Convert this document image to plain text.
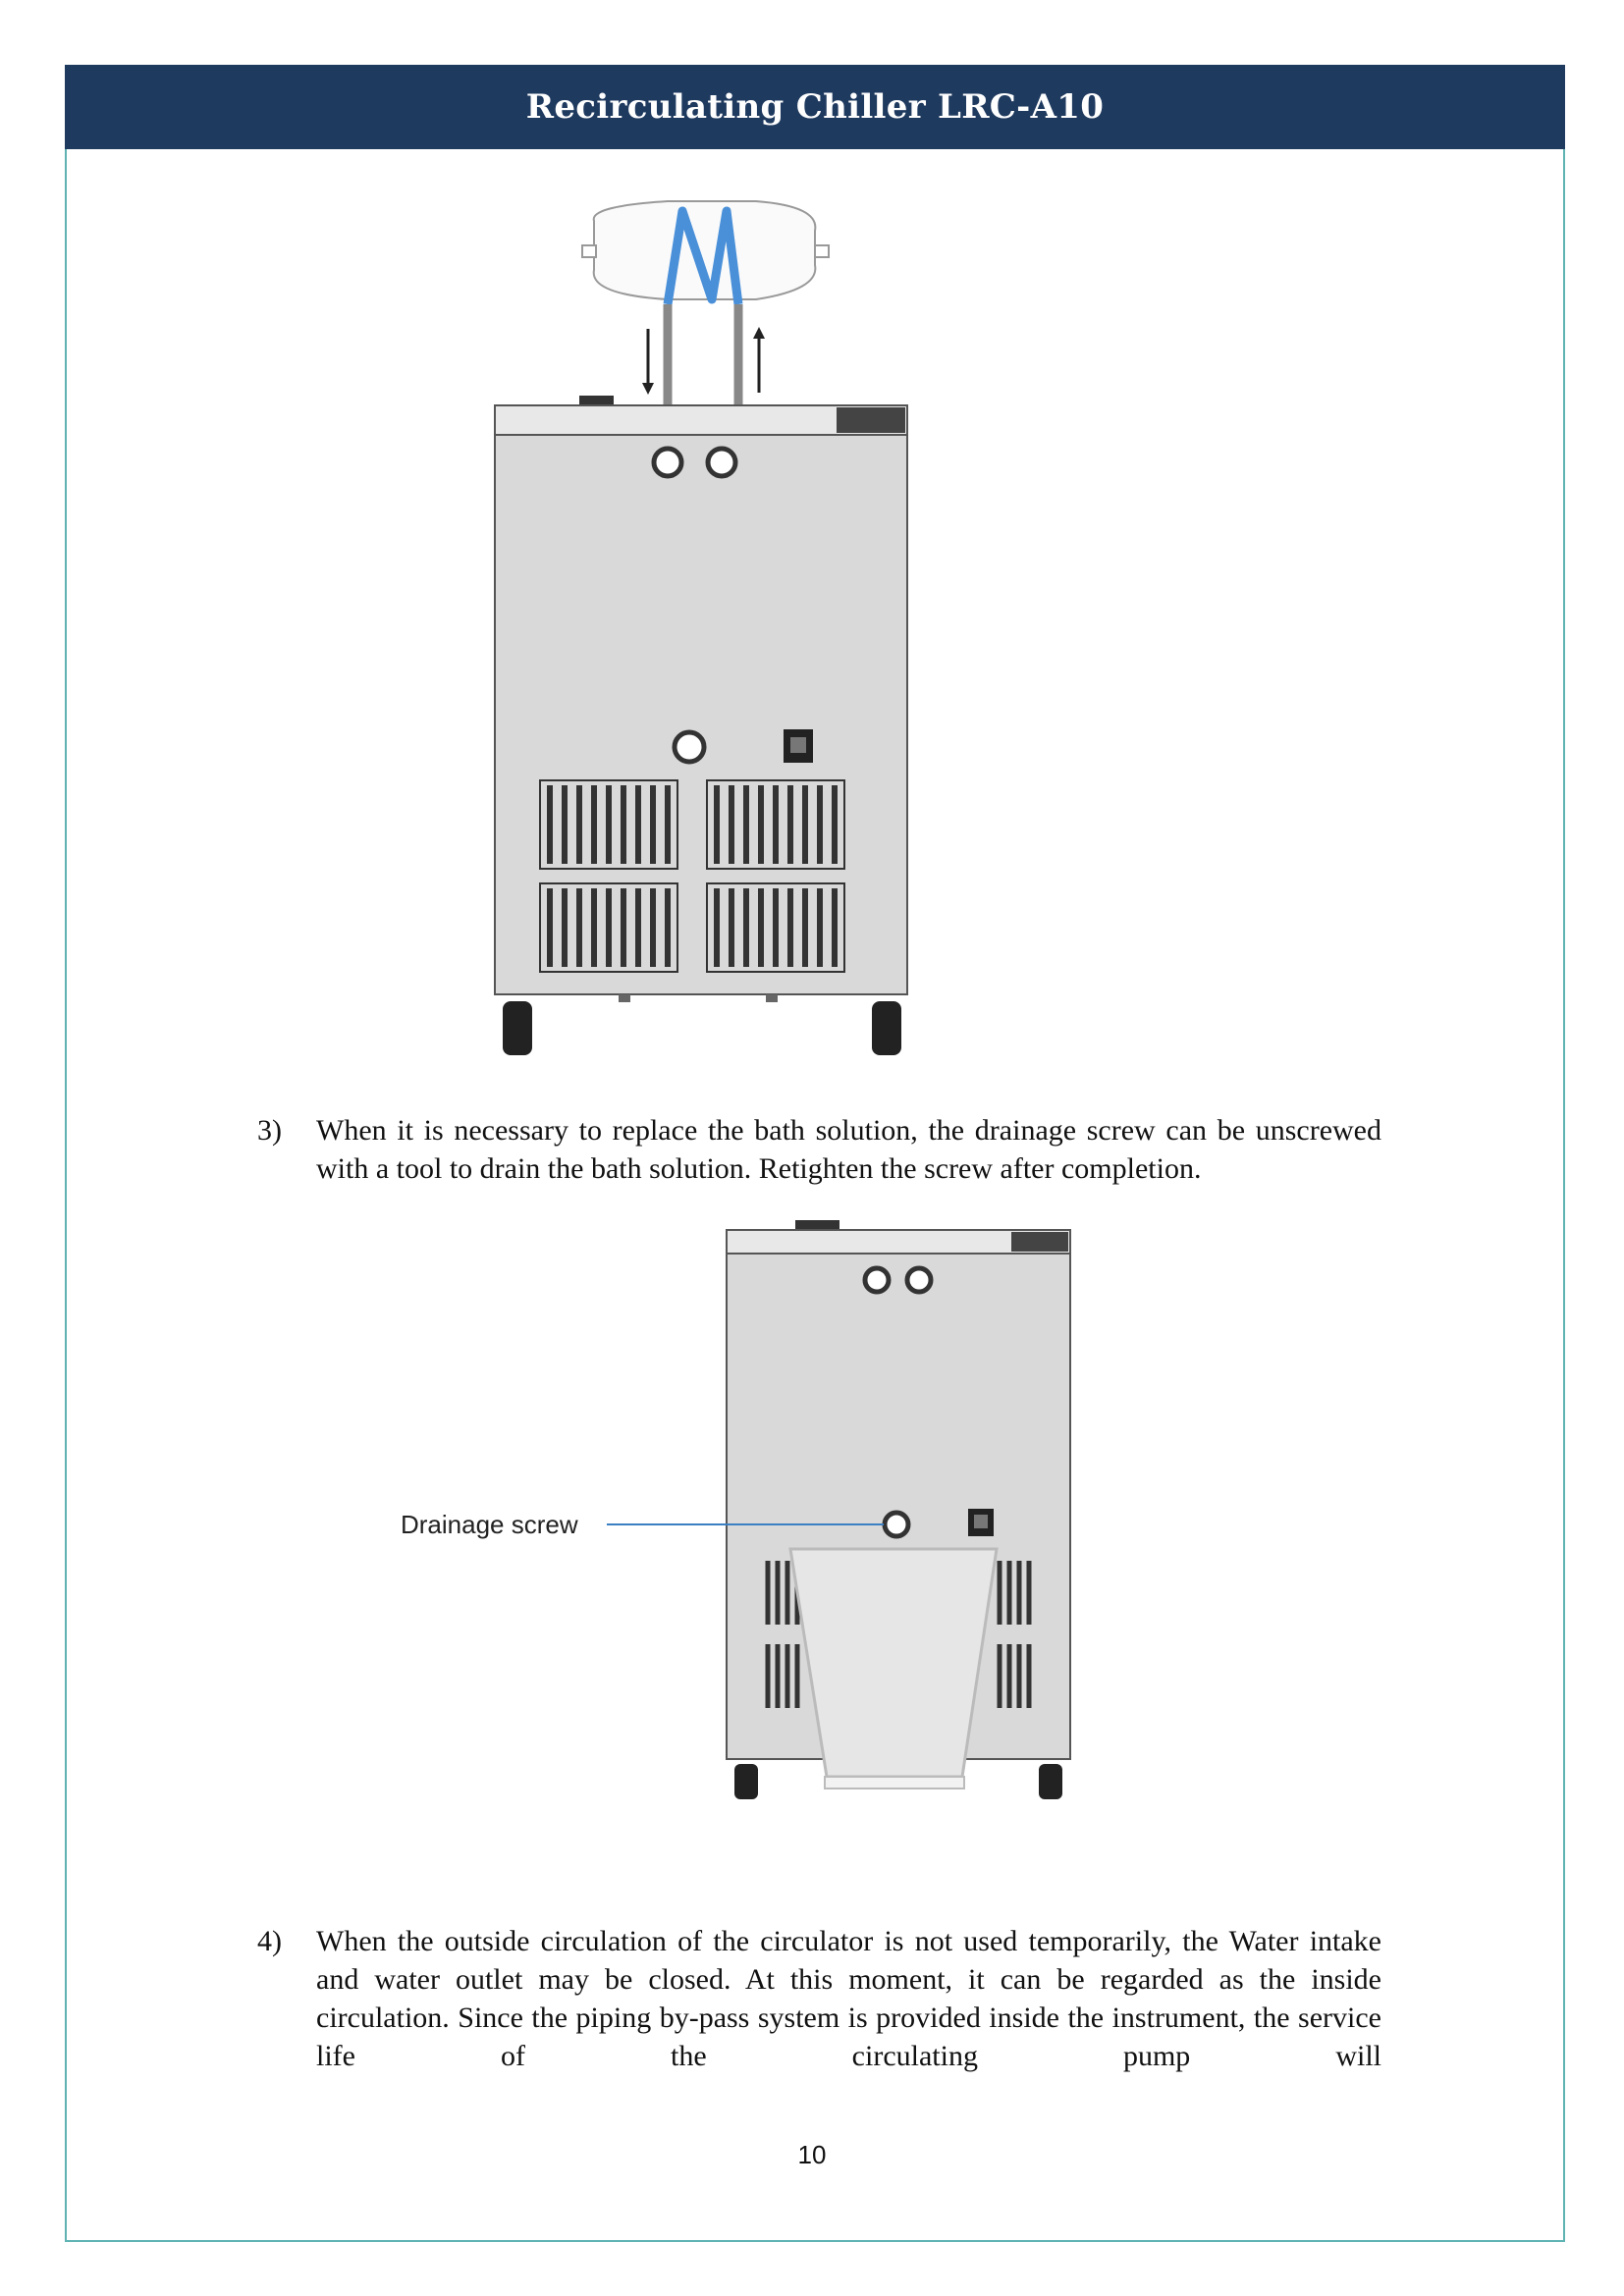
Recirculating Chiller LRC-A10
3)	When it is necessary to replace the bath solution, the drainage screw can be unscrewed with a tool to drain the bath solution. Retighten the screw after completion.
Drainage screw
4)	When the outside circulation of the circulator is not used temporarily, the Water intake and water outlet may be closed. At this moment, it can be regarded as the inside circulation. Since the piping by-pass system is provided inside the instrument, the service life of the circulating pump will
10
